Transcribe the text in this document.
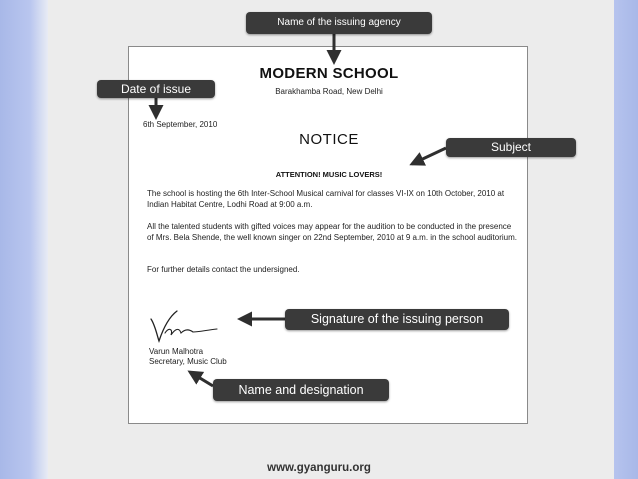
MODERN SCHOOL
Barakhamba Road, New Delhi
6th September, 2010
NOTICE
ATTENTION! MUSIC LOVERS!
The school is hosting the 6th Inter-School Musical carnival for classes VI-IX on 10th October, 2010 at Indian Habitat Centre, Lodhi Road at 9:00 a.m.
All the talented students with gifted voices may appear for the audition to be conducted in the presence of Mrs. Bela Shende, the well known singer on 22nd September, 2010 at 9 a.m. in the school auditorium.
For further details contact the undersigned.
Varun Malhotra
Secretary, Music Club
Name of the issuing agency
Date of issue
Subject
Signature of the issuing person
Name and designation
www.gyanguru.org
